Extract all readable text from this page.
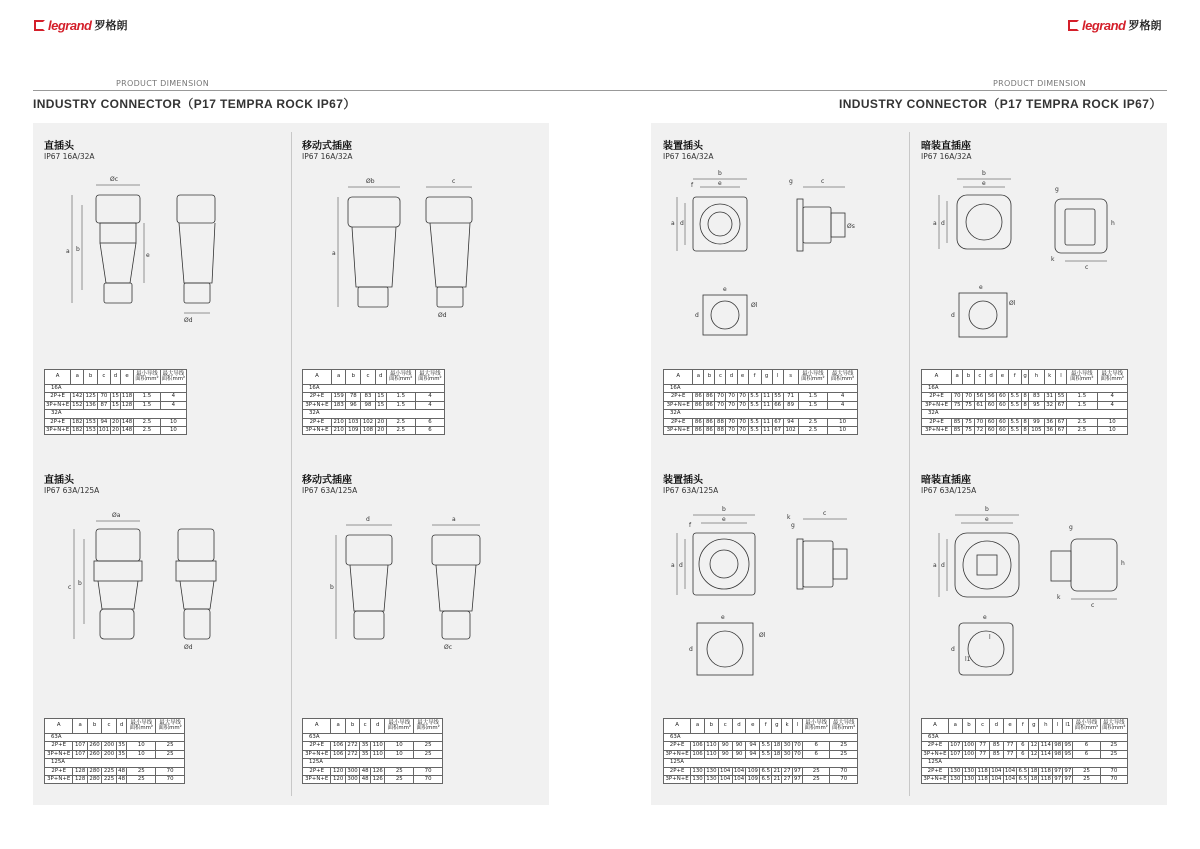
legrand 罗格朗
PRODUCT DIMENSION
INDUSTRY CONNECTOR（P17 TEMPRA ROCK IP67）
直插头
IP67 16A/32A
Øc
a b
e
Ød
A	a	b	c	d	e	最小导线
面积mm²	最大导线
面积mm²
16A							
2P+E	142	125	70	15	118	1.5	4
3P+N+E	152	136	87	15	128	1.5	4
32A							
2P+E	182	153	94	20	148	2.5	10
3P+N+E	182	153	101	20	148	2.5	10
移动式插座
IP67 16A/32A
Øb	c
a
Ød
A	a	b	c	d	最小导线
面积mm²	最大导线
面积mm²
16A						
2P+E	159	78	83	15	1.5	4
3P+N+E	183	96	98	15	1.5	4
32A						
2P+E	210	103	102	20	2.5	6
3P+N+E	210	109	108	20	2.5	6
直插头
IP67 63A/125A
Øa
c
b
Ød
A	a	b	c	d	最小导线
面积mm²	最大导线
面积mm²
63A						
2P+E	107	260	200	35	10	25
3P+N+E	107	260	200	35	10	25
125A						
2P+E	128	280	225	48	25	70
3P+N+E	128	280	225	48	25	70
移动式插座
IP67 63A/125A
d	a
b
Øc
A	a	b	c	d	最小导线
面积mm²	最大导线
面积mm²
63A						
2P+E	106	272	35	110	10	25
3P+N+E	106	272	35	110	10	25
125A						
2P+E	120	300	48	126	25	70
3P+N+E	120	300	48	126	25	70
legrand 罗格朗
PRODUCT DIMENSION
INDUSTRY CONNECTOR（P17 TEMPRA ROCK IP67）
装置插头
IP67 16A/32A
b
e
f
a d
g	c
Øs
e
Øl
d
A	a	b	c	d	e	f	g	l	s	最小导线
面积mm²	最大导线
面积mm²
16A											
2P+E	86	86	70	70	70	5.5	11	55	71	1.5	4
3P+N+E	86	86	70	70	70	5.5	11	66	89	1.5	4
32A											
2P+E	86	86	88	70	70	5.5	11	67	94	2.5	10
3P+N+E	86	86	88	70	70	5.5	11	67	102	2.5	10
暗装直插座
IP67 16A/32A
b
e
a d
g
h
k
c
e
Øl
d
A	a	b	c	d	e	f	g	h	k	l	最小导线
面积mm²	最大导线
面积mm²
16A												
2P+E	70	70	56	56	60	5.5	8	83	31	55	1.5	4
3P+N+E	75	75	61	60	60	5.5	8	95	32	67	1.5	4
32A												
2P+E	85	75	70	60	60	5.5	8	99	36	67	2.5	10
3P+N+E	85	75	72	60	60	5.5	8	105	36	67	2.5	10
装置插头
IP67 63A/125A
b
e
f
a d
k
g
c
e
Øl
d
A	a	b	c	d	e	f	g	k	l	最小导线
面积mm²	最大导线
面积mm²
63A											
2P+E	106	110	90	90	94	5.5	18	30	70	6	25
3P+N+E	106	110	90	90	94	5.5	18	30	70	6	25
125A											
2P+E	130	130	104	104	109	6.5	21	27	97	25	70
3P+N+E	130	130	104	104	109	6.5	21	27	97	25	70
暗装直插座
IP67 63A/125A
b
e
a d
g
h
k
c
e
l
l1
d
A	a	b	c	d	e	f	g	h	l	l1	最小导线
面积mm²	最大导线
面积mm²
63A												
2P+E	107	100	77	85	77	6	12	114	98	95	6	25
3P+N+E	107	100	77	85	77	6	12	114	98	95	6	25
125A												
2P+E	130	130	118	104	104	6.5	18	118	97	97	25	70
3P+N+E	130	130	118	104	104	6.5	18	118	97	97	25	70
